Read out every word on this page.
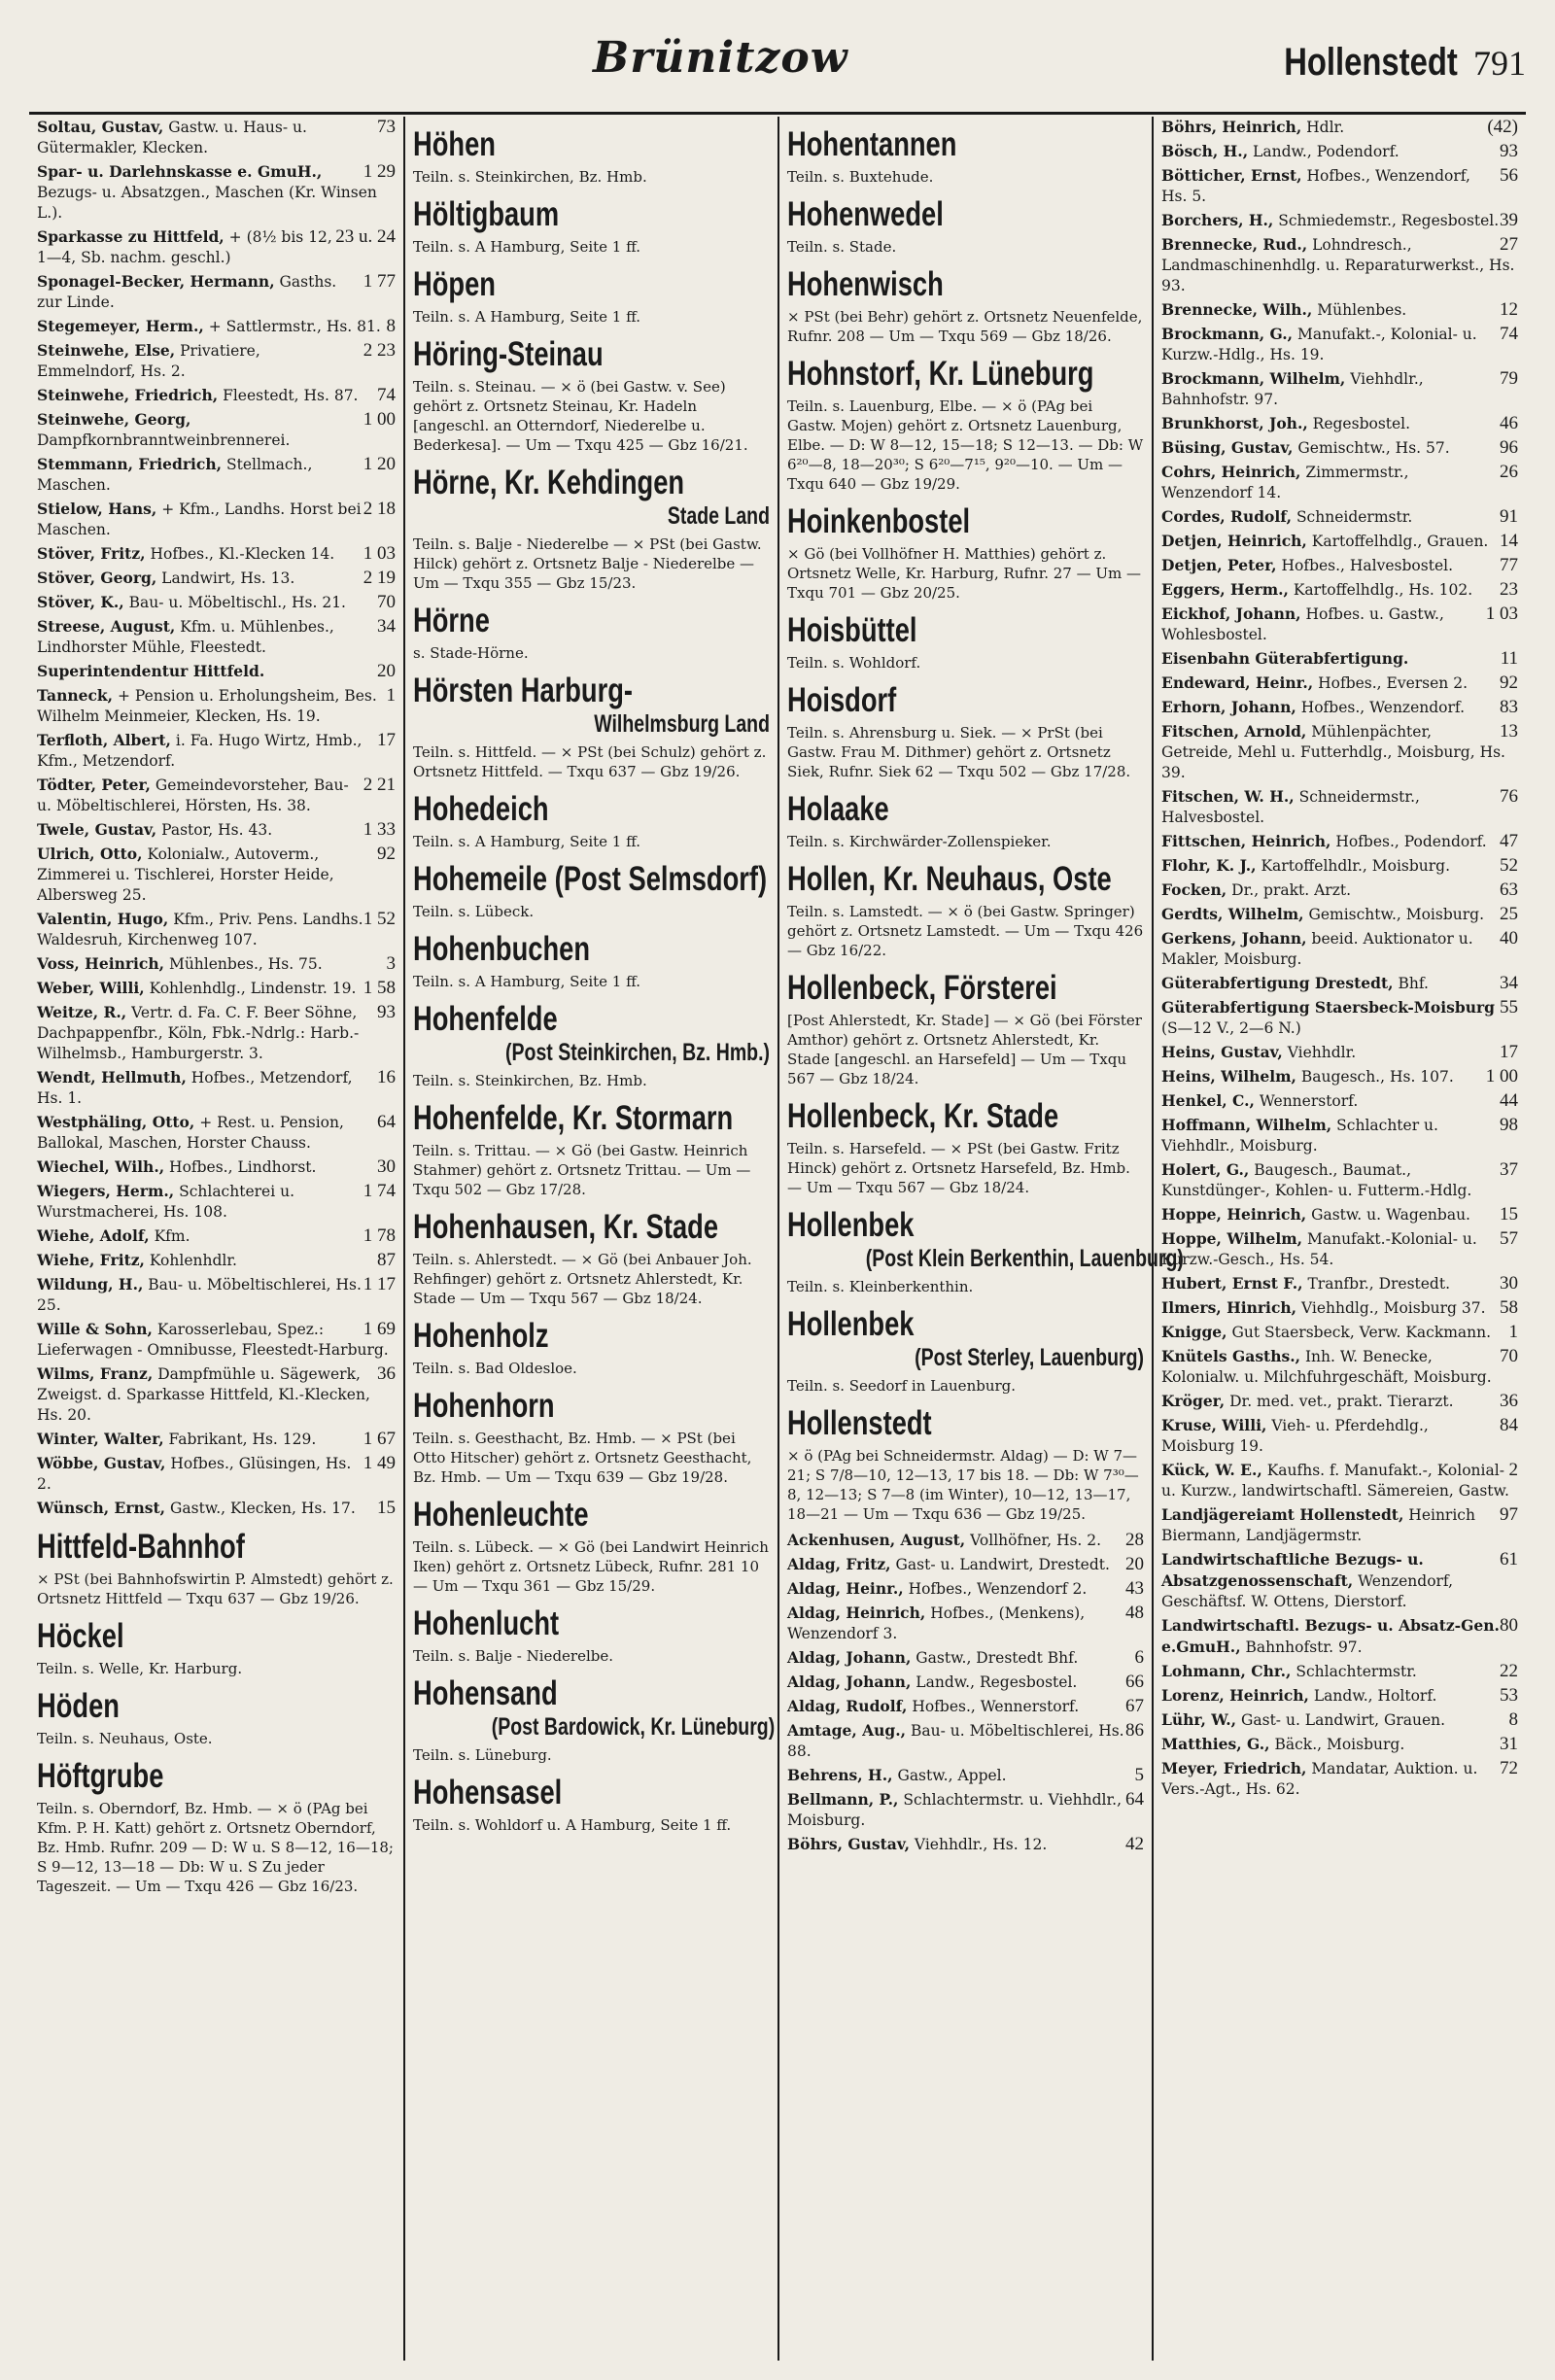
Brünitzow	Hollenstedt 791
73
Soltau, Gustav, Gastw. u. Haus- u. Gütermakler, Klecken.
1 29
Spar- u. Darlehnskasse e. GmuH., Bezugs- u. Absatzgen., Maschen (Kr. Winsen L.).
23 u. 24
Sparkasse zu Hittfeld, + (8½ bis 12, 1—4, Sb. nachm. geschl.)
1 77
Sponagel-Becker, Hermann, Gasths. zur Linde.
8
Stegemeyer, Herm., + Sattlermstr., Hs. 81.
2 23
Steinwehe, Else, Privatiere, Emmelndorf, Hs. 2.
74
Steinwehe, Friedrich, Fleestedt, Hs. 87.
1 00
Steinwehe, Georg, Dampfkornbranntweinbrennerei.
1 20
Stemmann, Friedrich, Stellmach., Maschen.
2 18
Stielow, Hans, + Kfm., Landhs. Horst bei Maschen.
1 03
Stöver, Fritz, Hofbes., Kl.-Klecken 14.
2 19
Stöver, Georg, Landwirt, Hs. 13.
70
Stöver, K., Bau- u. Möbeltischl., Hs. 21.
34
Streese, August, Kfm. u. Mühlenbes., Lindhorster Mühle, Fleestedt.
20
Superintendentur Hittfeld.
1
Tanneck, + Pension u. Erholungsheim, Bes. Wilhelm Meinmeier, Klecken, Hs. 19.
17
Terfloth, Albert, i. Fa. Hugo Wirtz, Hmb., Kfm., Metzendorf.
2 21
Tödter, Peter, Gemeindevorsteher, Bau- u. Möbeltischlerei, Hörsten, Hs. 38.
1 33
Twele, Gustav, Pastor, Hs. 43.
92
Ulrich, Otto, Kolonialw., Autoverm., Zimmerei u. Tischlerei, Horster Heide, Albersweg 25.
1 52
Valentin, Hugo, Kfm., Priv. Pens. Landhs. Waldesruh, Kirchenweg 107.
3
Voss, Heinrich, Mühlenbes., Hs. 75.
1 58
Weber, Willi, Kohlenhdlg., Lindenstr. 19.
93
Weitze, R., Vertr. d. Fa. C. F. Beer Söhne, Dachpappenfbr., Köln, Fbk.-Ndrlg.: Harb.-Wilhelmsb., Hamburgerstr. 3.
16
Wendt, Hellmuth, Hofbes., Metzendorf, Hs. 1.
64
Westphäling, Otto, + Rest. u. Pension, Ballokal, Maschen, Horster Chauss.
30
Wiechel, Wilh., Hofbes., Lindhorst.
1 74
Wiegers, Herm., Schlachterei u. Wurstmacherei, Hs. 108.
1 78
Wiehe, Adolf, Kfm.
87
Wiehe, Fritz, Kohlenhdlr.
1 17
Wildung, H., Bau- u. Möbeltischlerei, Hs. 25.
1 69
Wille & Sohn, Karosserlebau, Spez.: Lieferwagen - Omnibusse, Fleestedt-Harburg.
36
Wilms, Franz, Dampfmühle u. Sägewerk, Zweigst. d. Sparkasse Hittfeld, Kl.-Klecken, Hs. 20.
1 67
Winter, Walter, Fabrikant, Hs. 129.
1 49
Wöbbe, Gustav, Hofbes., Glüsingen, Hs. 2.
15
Wünsch, Ernst, Gastw., Klecken, Hs. 17.
Hittfeld-Bahnhof
× PSt (bei Bahnhofswirtin P. Almstedt) gehört z. Ortsnetz Hittfeld — Txqu 637 — Gbz 19/26.
Höckel
Teiln. s. Welle, Kr. Harburg.
Höden
Teiln. s. Neuhaus, Oste.
Höftgrube
Teiln. s. Oberndorf, Bz. Hmb. — × ö (PAg bei Kfm. P. H. Katt) gehört z. Ortsnetz Oberndorf, Bz. Hmb. Rufnr. 209 — D: W u. S 8—12, 16—18; S 9—12, 13—18 — Db: W u. S Zu jeder Tageszeit. — Um — Txqu 426 — Gbz 16/23.
Höhen
Teiln. s. Steinkirchen, Bz. Hmb.
Höltigbaum
Teiln. s. A Hamburg, Seite 1 ff.
Höpen
Teiln. s. A Hamburg, Seite 1 ff.
Höring-Steinau
Teiln. s. Steinau. — × ö (bei Gastw. v. See) gehört z. Ortsnetz Steinau, Kr. Hadeln [angeschl. an Otterndorf, Niederelbe u. Bederkesa]. — Um — Txqu 425 — Gbz 16/21.
Hörne, Kr. Kehdingen
Stade Land
Teiln. s. Balje - Niederelbe — × PSt (bei Gastw. Hilck) gehört z. Ortsnetz Balje - Niederelbe — Um — Txqu 355 — Gbz 15/23.
Hörne
s. Stade-Hörne.
Hörsten Harburg-
Wilhelmsburg Land
Teiln. s. Hittfeld. — × PSt (bei Schulz) gehört z. Ortsnetz Hittfeld. — Txqu 637 — Gbz 19/26.
Hohedeich
Teiln. s. A Hamburg, Seite 1 ff.
Hohemeile (Post Selmsdorf)
Teiln. s. Lübeck.
Hohenbuchen
Teiln. s. A Hamburg, Seite 1 ff.
Hohenfelde
(Post Steinkirchen, Bz. Hmb.)
Teiln. s. Steinkirchen, Bz. Hmb.
Hohenfelde, Kr. Stormarn
Teiln. s. Trittau. — × Gö (bei Gastw. Heinrich Stahmer) gehört z. Ortsnetz Trittau. — Um — Txqu 502 — Gbz 17/28.
Hohenhausen, Kr. Stade
Teiln. s. Ahlerstedt. — × Gö (bei Anbauer Joh. Rehfinger) gehört z. Ortsnetz Ahlerstedt, Kr. Stade — Um — Txqu 567 — Gbz 18/24.
Hohenholz
Teiln. s. Bad Oldesloe.
Hohenhorn
Teiln. s. Geesthacht, Bz. Hmb. — × PSt (bei Otto Hitscher) gehört z. Ortsnetz Geesthacht, Bz. Hmb. — Um — Txqu 639 — Gbz 19/28.
Hohenleuchte
Teiln. s. Lübeck. — × Gö (bei Landwirt Heinrich Iken) gehört z. Ortsnetz Lübeck, Rufnr. 281 10 — Um — Txqu 361 — Gbz 15/29.
Hohenlucht
Teiln. s. Balje - Niederelbe.
Hohensand
(Post Bardowick, Kr. Lüneburg)
Teiln. s. Lüneburg.
Hohensasel
Teiln. s. Wohldorf u. A Hamburg, Seite 1 ff.
Hohentannen
Teiln. s. Buxtehude.
Hohenwedel
Teiln. s. Stade.
Hohenwisch
× PSt (bei Behr) gehört z. Ortsnetz Neuenfelde, Rufnr. 208 — Um — Txqu 569 — Gbz 18/26.
Hohnstorf, Kr. Lüneburg
Teiln. s. Lauenburg, Elbe. — × ö (PAg bei Gastw. Mojen) gehört z. Ortsnetz Lauenburg, Elbe. — D: W 8—12, 15—18; S 12—13. — Db: W 6²⁰—8, 18—20³⁰; S 6²⁰—7¹⁵, 9²⁰—10. — Um — Txqu 640 — Gbz 19/29.
Hoinkenbostel
× Gö (bei Vollhöfner H. Matthies) gehört z. Ortsnetz Welle, Kr. Harburg, Rufnr. 27 — Um — Txqu 701 — Gbz 20/25.
Hoisbüttel
Teiln. s. Wohldorf.
Hoisdorf
Teiln. s. Ahrensburg u. Siek. — × PrSt (bei Gastw. Frau M. Dithmer) gehört z. Ortsnetz Siek, Rufnr. Siek 62 — Txqu 502 — Gbz 17/28.
Holaake
Teiln. s. Kirchwärder-Zollenspieker.
Hollen, Kr. Neuhaus, Oste
Teiln. s. Lamstedt. — × ö (bei Gastw. Springer) gehört z. Ortsnetz Lamstedt. — Um — Txqu 426 — Gbz 16/22.
Hollenbeck, Försterei
[Post Ahlerstedt, Kr. Stade] — × Gö (bei Förster Amthor) gehört z. Ortsnetz Ahlerstedt, Kr. Stade [angeschl. an Harsefeld] — Um — Txqu 567 — Gbz 18/24.
Hollenbeck, Kr. Stade
Teiln. s. Harsefeld. — × PSt (bei Gastw. Fritz Hinck) gehört z. Ortsnetz Harsefeld, Bz. Hmb. — Um — Txqu 567 — Gbz 18/24.
Hollenbek
(Post Klein Berkenthin, Lauenburg)
Teiln. s. Kleinberkenthin.
Hollenbek
(Post Sterley, Lauenburg)
Teiln. s. Seedorf in Lauenburg.
Hollenstedt
× ö (PAg bei Schneidermstr. Aldag) — D: W 7—21; S 7/8—10, 12—13, 17 bis 18. — Db: W 7³⁰—8, 12—13; S 7—8 (im Winter), 10—12, 13—17, 18—21 — Um — Txqu 636 — Gbz 19/25.
28
Ackenhusen, August, Vollhöfner, Hs. 2.
20
Aldag, Fritz, Gast- u. Landwirt, Drestedt.
43
Aldag, Heinr., Hofbes., Wenzendorf 2.
48
Aldag, Heinrich, Hofbes., (Menkens), Wenzendorf 3.
6
Aldag, Johann, Gastw., Drestedt Bhf.
66
Aldag, Johann, Landw., Regesbostel.
67
Aldag, Rudolf, Hofbes., Wennerstorf.
86
Amtage, Aug., Bau- u. Möbeltischlerei, Hs. 88.
5
Behrens, H., Gastw., Appel.
64
Bellmann, P., Schlachtermstr. u. Viehhdlr., Moisburg.
42
Böhrs, Gustav, Viehhdlr., Hs. 12.
(42)
Böhrs, Heinrich, Hdlr.
93
Bösch, H., Landw., Podendorf.
56
Bötticher, Ernst, Hofbes., Wenzendorf, Hs. 5.
39
Borchers, H., Schmiedemstr., Regesbostel.
27
Brennecke, Rud., Lohndresch., Landmaschinenhdlg. u. Reparaturwerkst., Hs. 93.
12
Brennecke, Wilh., Mühlenbes.
74
Brockmann, G., Manufakt.-, Kolonial- u. Kurzw.-Hdlg., Hs. 19.
79
Brockmann, Wilhelm, Viehhdlr., Bahnhofstr. 97.
46
Brunkhorst, Joh., Regesbostel.
96
Büsing, Gustav, Gemischtw., Hs. 57.
26
Cohrs, Heinrich, Zimmermstr., Wenzendorf 14.
91
Cordes, Rudolf, Schneidermstr.
14
Detjen, Heinrich, Kartoffelhdlg., Grauen.
77
Detjen, Peter, Hofbes., Halvesbostel.
23
Eggers, Herm., Kartoffelhdlg., Hs. 102.
1 03
Eickhof, Johann, Hofbes. u. Gastw., Wohlesbostel.
11
Eisenbahn Güterabfertigung.
92
Endeward, Heinr., Hofbes., Eversen 2.
83
Erhorn, Johann, Hofbes., Wenzendorf.
13
Fitschen, Arnold, Mühlenpächter, Getreide, Mehl u. Futterhdlg., Moisburg, Hs. 39.
76
Fitschen, W. H., Schneidermstr., Halvesbostel.
47
Fittschen, Heinrich, Hofbes., Podendorf.
52
Flohr, K. J., Kartoffelhdlr., Moisburg.
63
Focken, Dr., prakt. Arzt.
25
Gerdts, Wilhelm, Gemischtw., Moisburg.
40
Gerkens, Johann, beeid. Auktionator u. Makler, Moisburg.
34
Güterabfertigung Drestedt, Bhf.
55
Güterabfertigung Staersbeck-Moisburg (S—12 V., 2—6 N.)
17
Heins, Gustav, Viehhdlr.
1 00
Heins, Wilhelm, Baugesch., Hs. 107.
44
Henkel, C., Wennerstorf.
98
Hoffmann, Wilhelm, Schlachter u. Viehhdlr., Moisburg.
37
Holert, G., Baugesch., Baumat., Kunstdünger-, Kohlen- u. Futterm.-Hdlg.
15
Hoppe, Heinrich, Gastw. u. Wagenbau.
57
Hoppe, Wilhelm, Manufakt.-Kolonial- u. Kurzw.-Gesch., Hs. 54.
30
Hubert, Ernst F., Tranfbr., Drestedt.
58
Ilmers, Hinrich, Viehhdlg., Moisburg 37.
1
Knigge, Gut Staersbeck, Verw. Kackmann.
70
Knütels Gasths., Inh. W. Benecke, Kolonialw. u. Milchfuhrgeschäft, Moisburg.
36
Kröger, Dr. med. vet., prakt. Tierarzt.
84
Kruse, Willi, Vieh- u. Pferdehdlg., Moisburg 19.
2
Kück, W. E., Kaufhs. f. Manufakt.-, Kolonial- u. Kurzw., landwirtschaftl. Sämereien, Gastw.
97
Landjägereiamt Hollenstedt, Heinrich Biermann, Landjägermstr.
61
Landwirtschaftliche Bezugs- u. Absatzgenossenschaft, Wenzendorf, Geschäftsf. W. Ottens, Dierstorf.
80
Landwirtschaftl. Bezugs- u. Absatz-Gen. e.GmuH., Bahnhofstr. 97.
22
Lohmann, Chr., Schlachtermstr.
53
Lorenz, Heinrich, Landw., Holtorf.
8
Lühr, W., Gast- u. Landwirt, Grauen.
31
Matthies, G., Bäck., Moisburg.
72
Meyer, Friedrich, Mandatar, Auktion. u. Vers.-Agt., Hs. 62.
